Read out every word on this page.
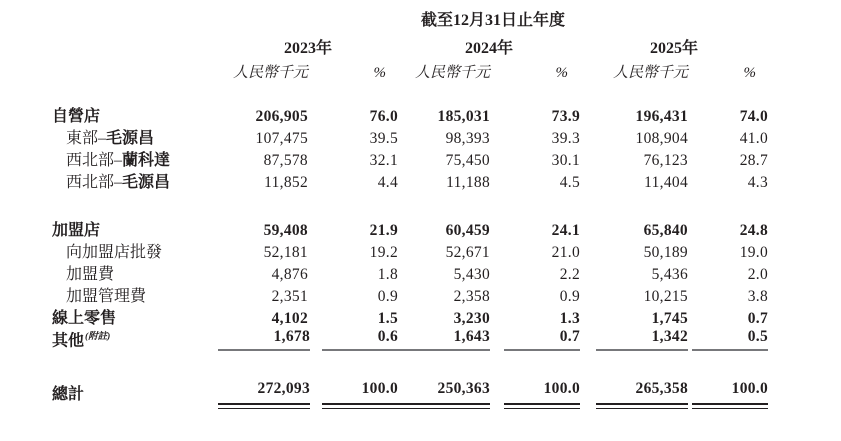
	截至12月31日止年度					
	2023年		2024年		2025年	
	人民幣千元	%	人民幣千元	%	人民幣千元	%
自營店	206,905	76.0	185,031	73.9	196,431	74.0

東部–毛源昌	107,475	39.5	98,393	39.3	108,904	41.0

西北部–蘭科達	87,578	32.1	75,450	30.1	76,123	28.7

西北部–毛源昌	11,852	4.4	11,188	4.5	11,404	4.3

加盟店	59,408	21.9	60,459	24.1	65,840	24.8

向加盟店批發	52,181	19.2	52,671	21.0	50,189	19.0

加盟費	4,876	1.8	5,430	2.2	5,436	2.0

加盟管理費	2,351	0.9	2,358	0.9	10,215	3.8

線上零售	4,102	1.5	3,230	1.3	1,745	0.7

其他$^{(附註)}$	1,678	0.6	1,643	0.7	1,342	0.5

總計	272,093	100.0	250,363	100.0	265,358	100.0
